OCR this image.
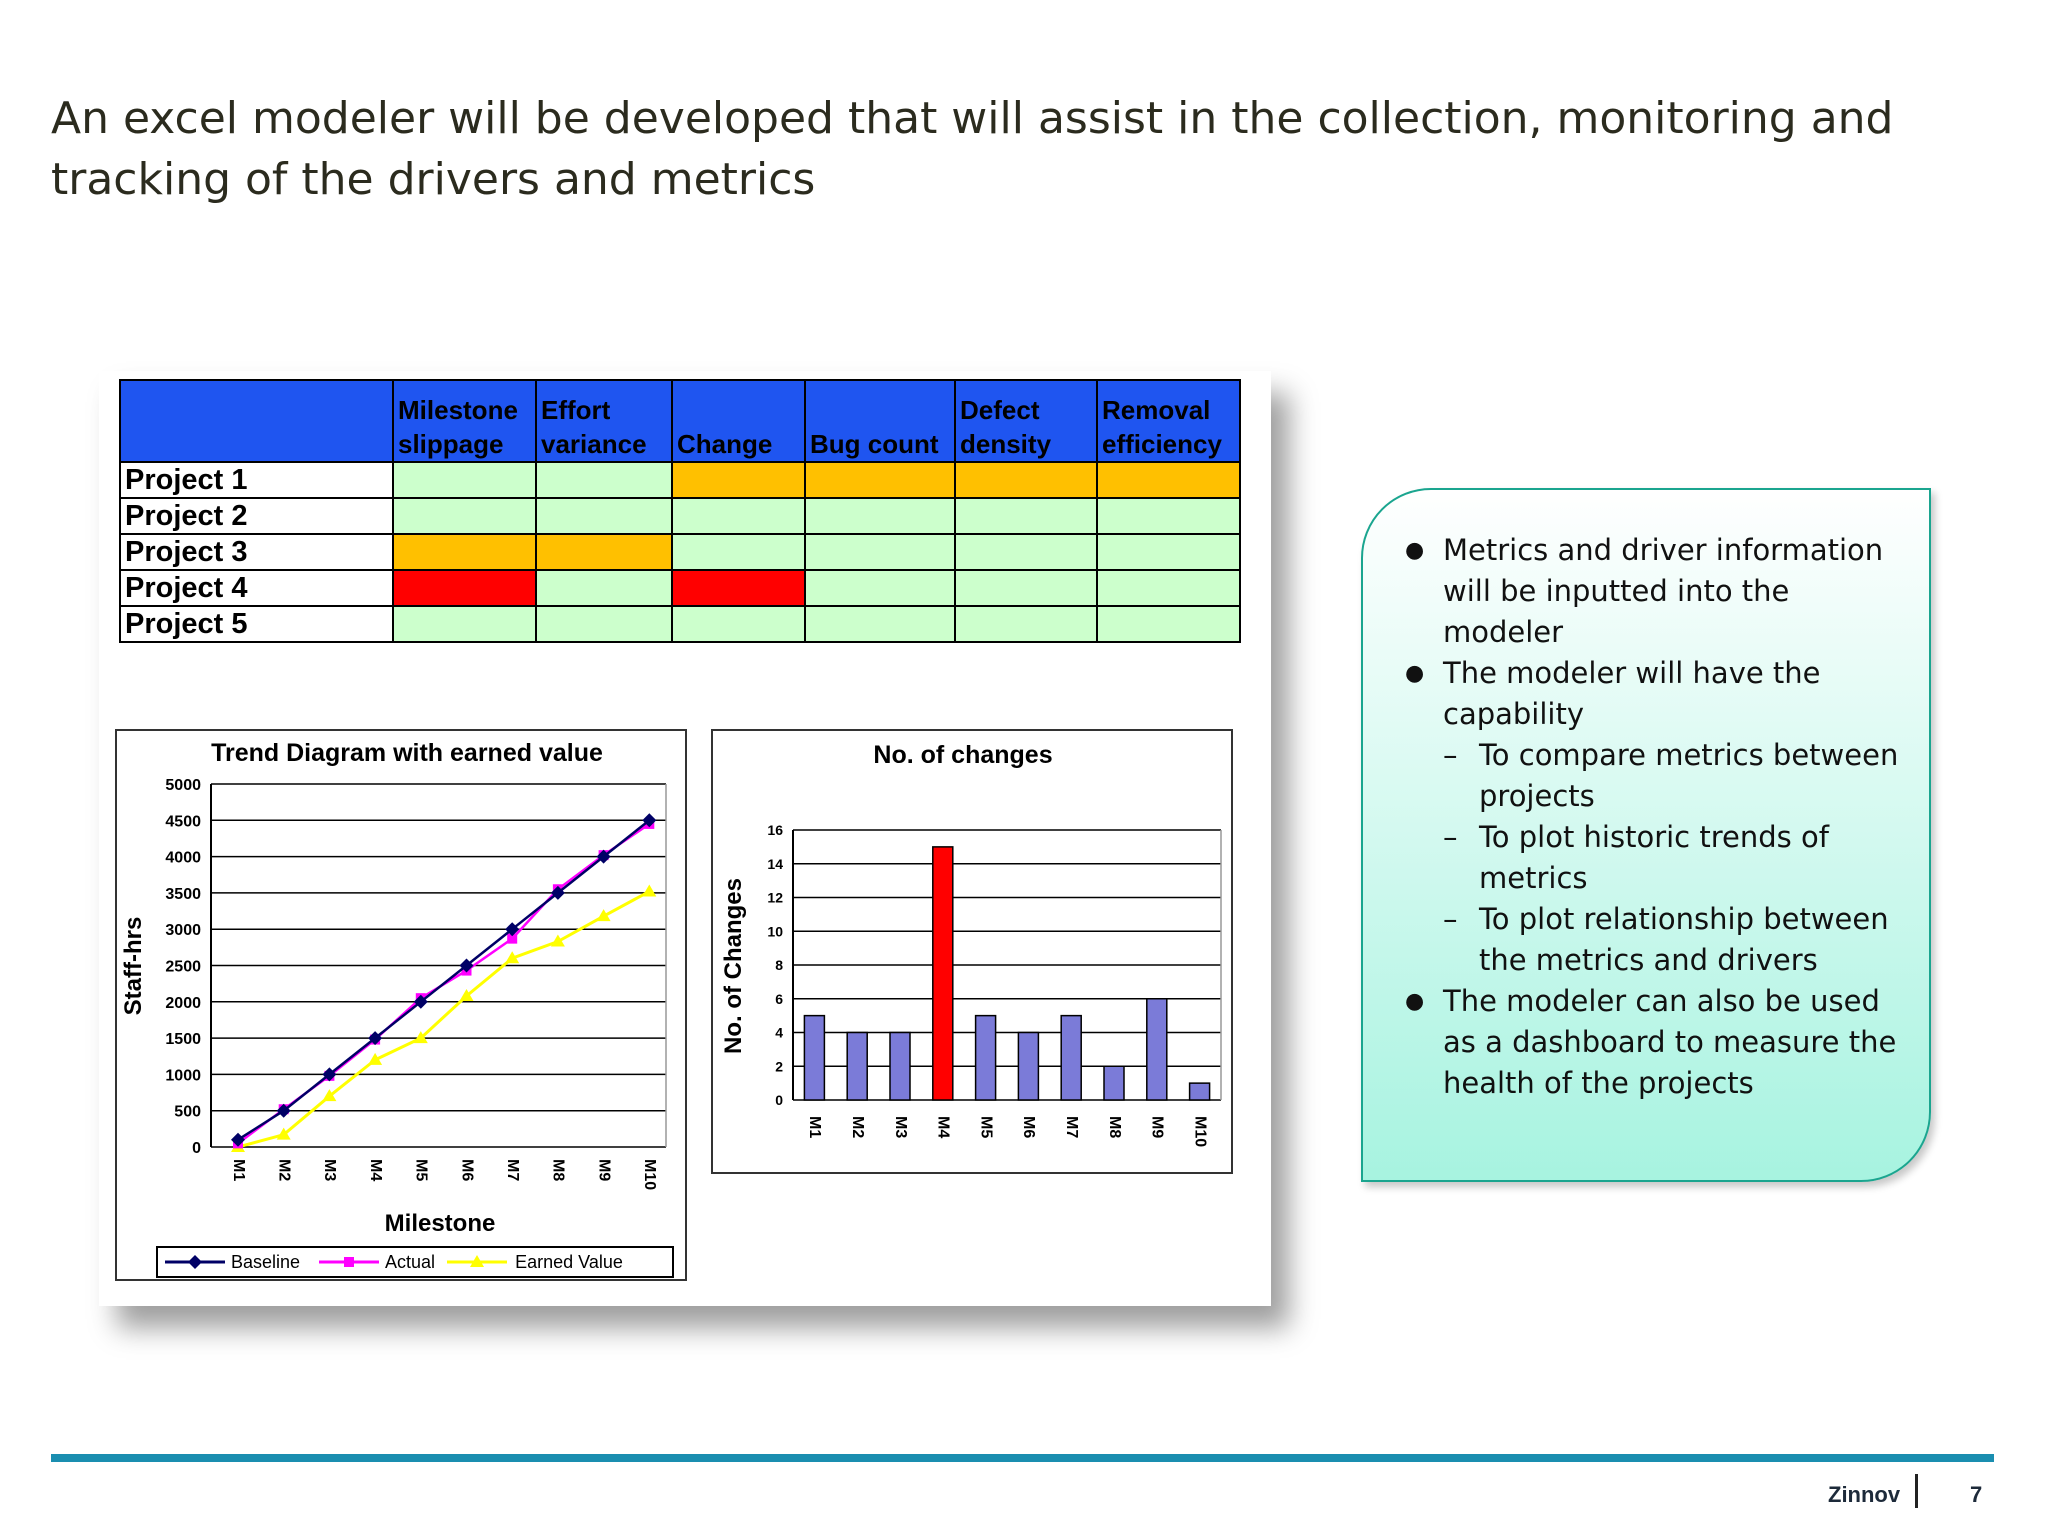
An excel modeler will be developed that will assist in the collection, monitoring and tracking of the drivers and metrics
	Milestone slippage	Effort variance	Change	Bug count	Defect density	Removal efficiency
Project 1						
Project 2						
Project 3						
Project 4						
Project 5						
Trend Diagram with earned value
0
500
1000
1500
2000
2500
3000
3500
4000
4500
5000
M1 M2 M3 M4 M5 M6 M7 M8 M9 M10
Staff-hrs
Milestone
Baseline	Actual	Earned Value
No. of changes
0
2
4
6
8
10
12
14
16
No. of Changes
M1 M2 M3 M4 M5 M6 M7 M8 M9 M10
● Metrics and driver information will be inputted into the modeler
● The modeler will have the capability
– To compare metrics between projects
– To plot historic trends of metrics
– To plot relationship between the metrics and drivers
● The modeler can also be used as a dashboard to measure the health of the projects
Zinnov	7
